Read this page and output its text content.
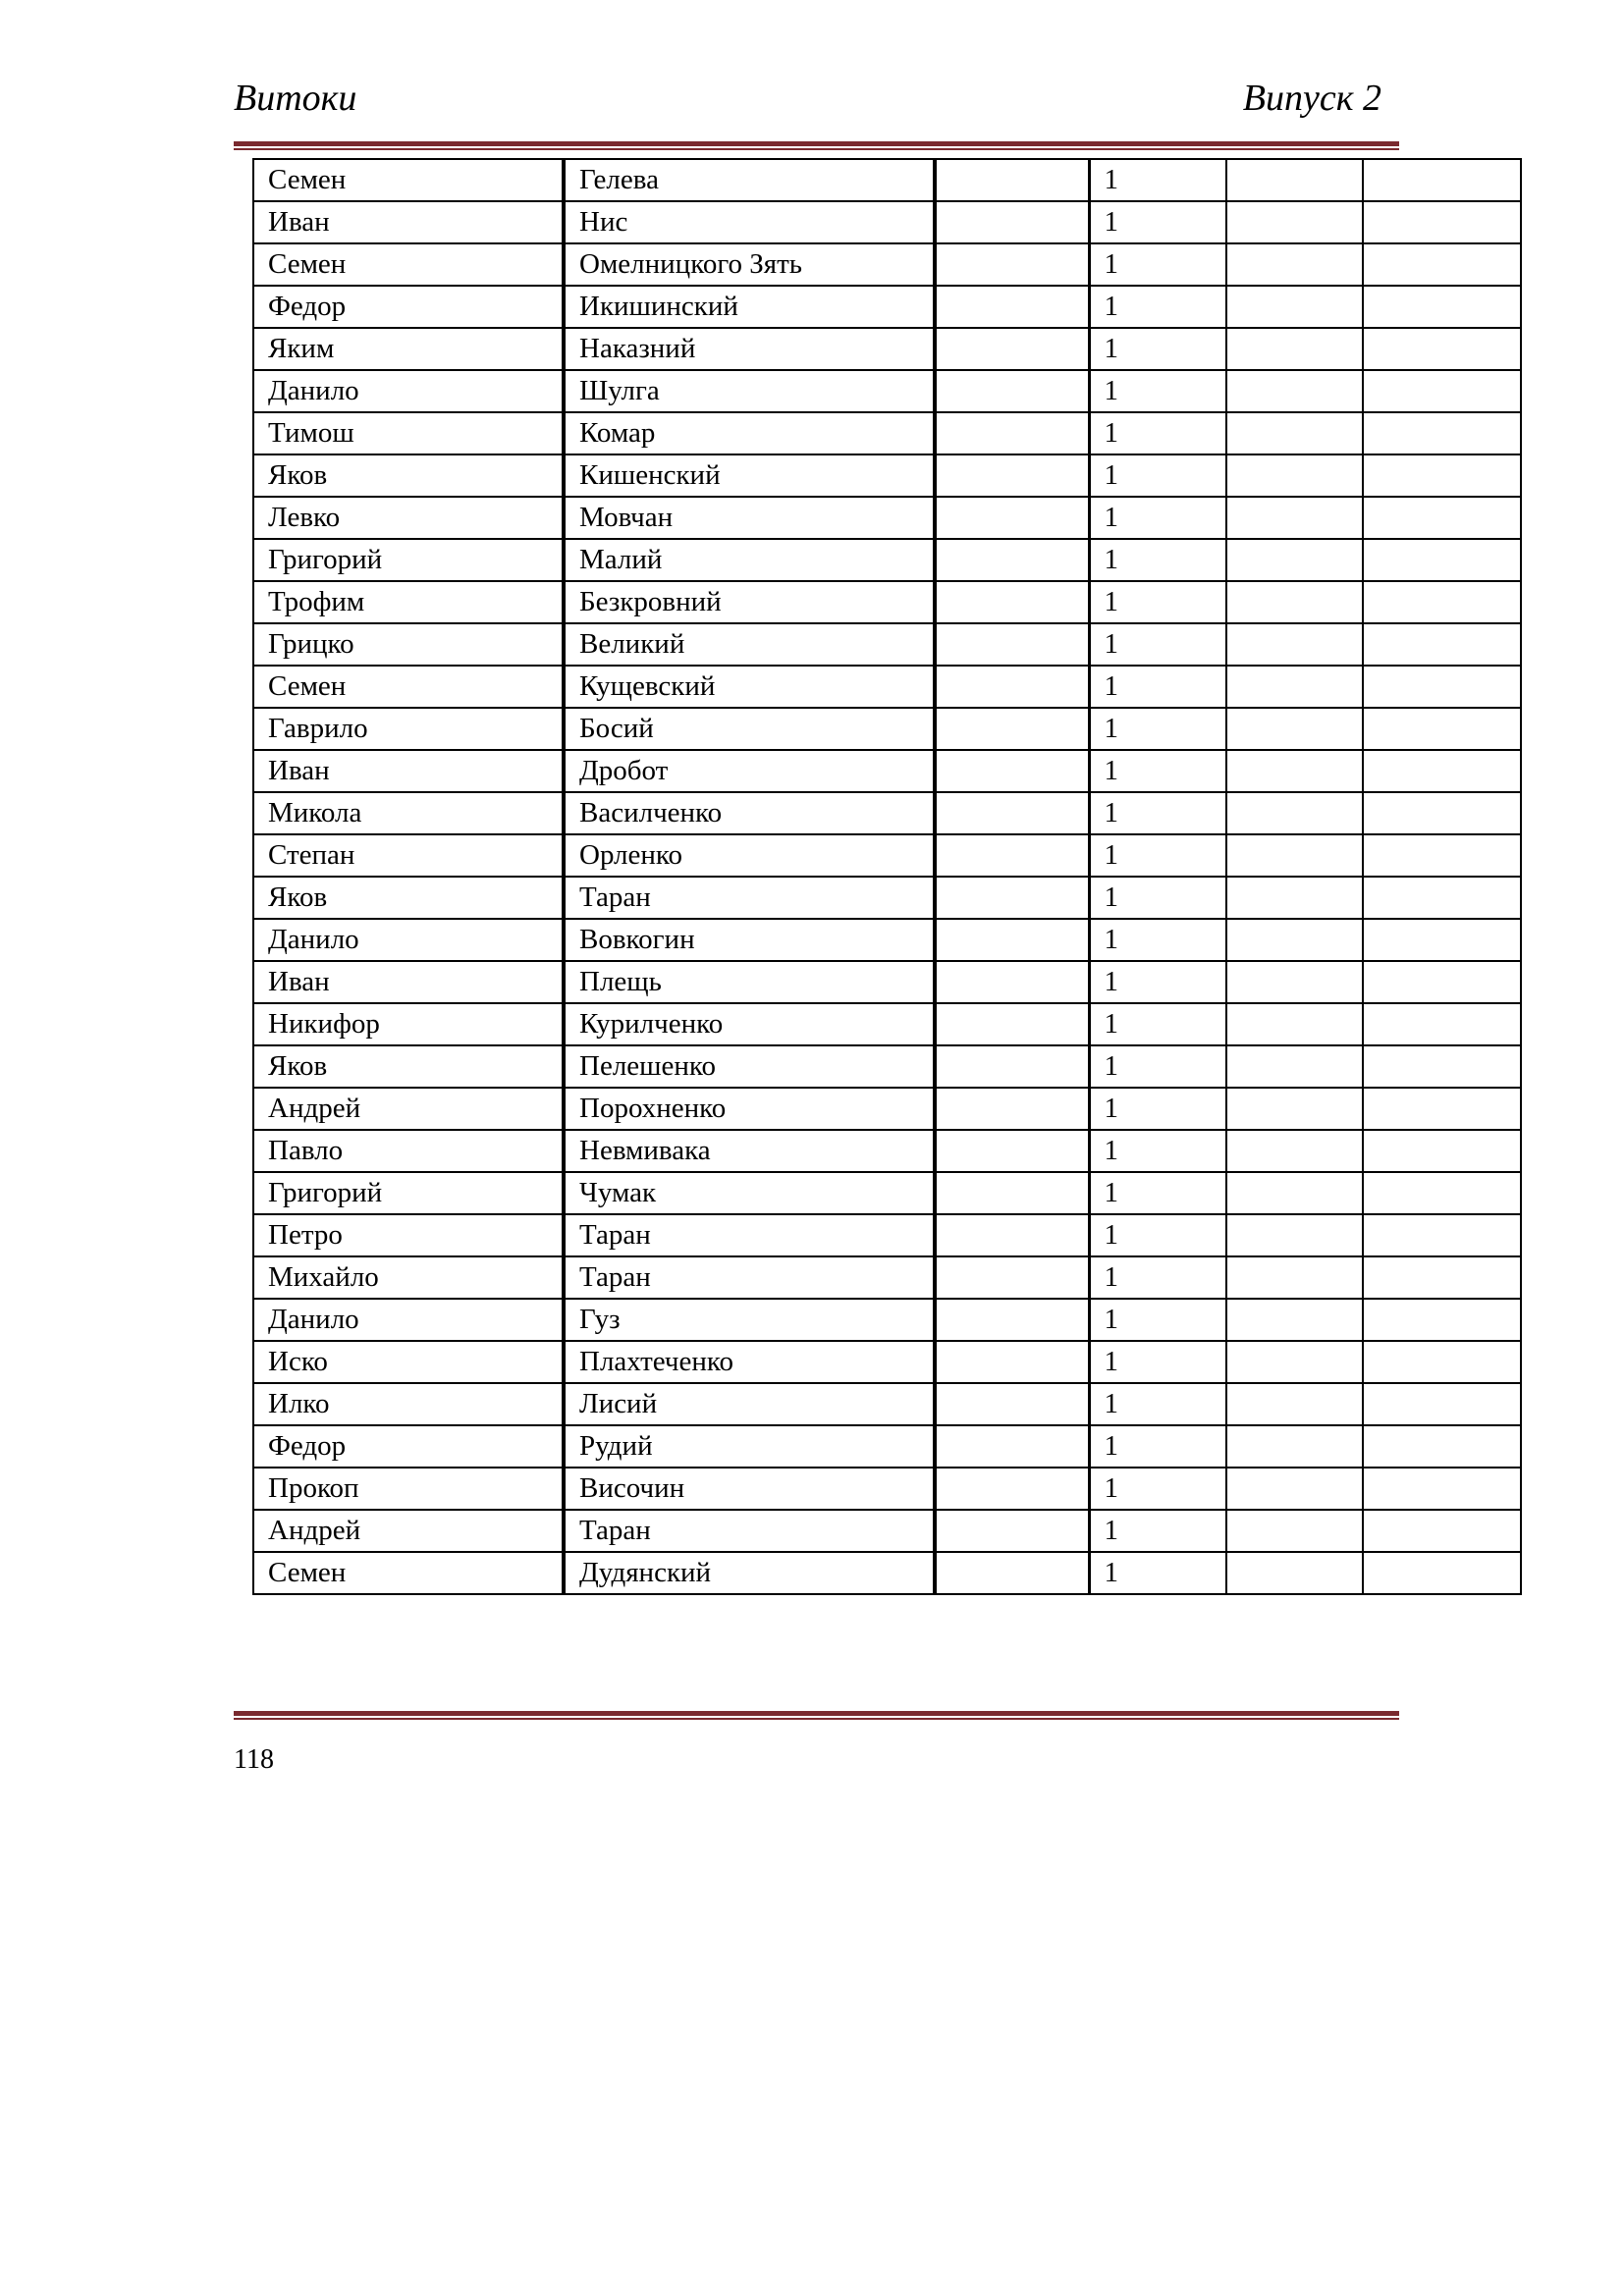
Витоки	Випуск 2
Семен	Гелева		1		
Иван	Нис		1		
Семен	Омелницкого Зять		1		
Федор	Икишинский		1		
Яким	Наказний		1		
Данило	Шулга		1		
Тимош	Комар		1		
Яков	Кишенский		1		
Левко	Мовчан		1		
Григорий	Малий		1		
Трофим	Безкровний		1		
Грицко	Великий		1		
Семен	Кущевский		1		
Гаврило	Босий		1		
Иван	Дробот		1		
Микола	Василченко		1		
Степан	Орленко		1		
Яков	Таран		1		
Данило	Вовкогин		1		
Иван	Плещь		1		
Никифор	Курилченко		1		
Яков	Пелешенко		1		
Андрей	Порохненко		1		
Павло	Невмивака		1		
Григорий	Чумак		1		
Петро	Таран		1		
Михайло	Таран		1		
Данило	Гуз		1		
Иско	Плахтеченко		1		
Илко	Лисий		1		
Федор	Рудий		1		
Прокоп	Височин		1		
Андрей	Таран		1		
Семен	Дудянский		1		
118
